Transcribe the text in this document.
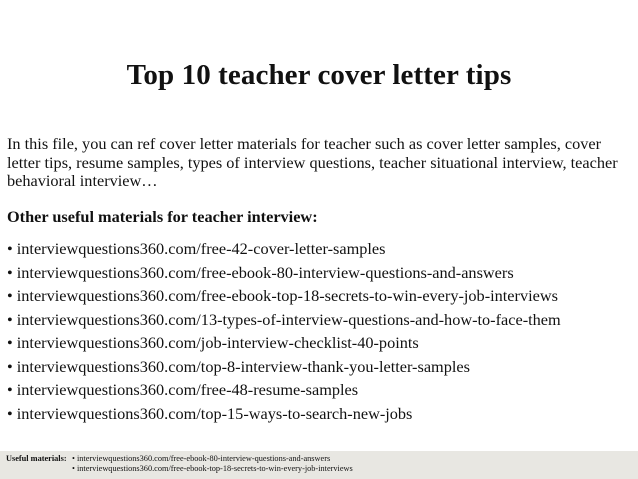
Top 10 teacher cover letter tips
In this file, you can ref cover letter materials for teacher such as cover letter samples, cover letter tips, resume samples, types of interview questions, teacher situational interview, teacher behavioral interview…
Other useful materials for teacher interview:
• interviewquestions360.com/free-42-cover-letter-samples
• interviewquestions360.com/free-ebook-80-interview-questions-and-answers
• interviewquestions360.com/free-ebook-top-18-secrets-to-win-every-job-interviews
• interviewquestions360.com/13-types-of-interview-questions-and-how-to-face-them
• interviewquestions360.com/job-interview-checklist-40-points
• interviewquestions360.com/top-8-interview-thank-you-letter-samples
• interviewquestions360.com/free-48-resume-samples
• interviewquestions360.com/top-15-ways-to-search-new-jobs
Useful materials: • interviewquestions360.com/free-ebook-80-interview-questions-and-answers
• interviewquestions360.com/free-ebook-top-18-secrets-to-win-every-job-interviews
